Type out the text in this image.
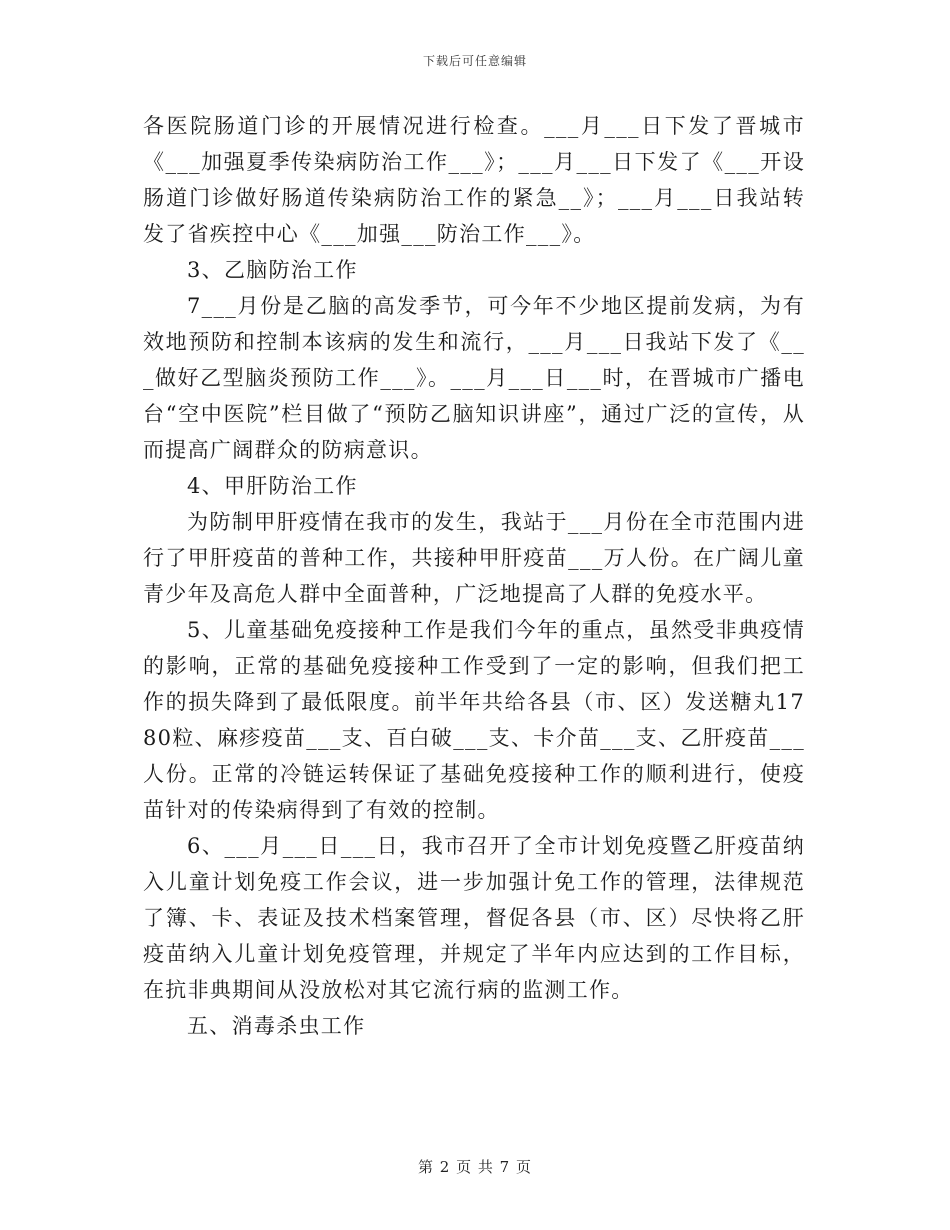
下载后可任意编辑

各医院肠道门诊的开展情况进行检查。___月___日下发了晋城市《___加强夏季传染病防治工作___》；___月___日下发了《___开设肠道门诊做好肠道传染病防治工作的紧急__》；___月___日我站转发了省疾控中心《___加强___防治工作___》。

3、乙脑防治工作

7___月份是乙脑的高发季节，可今年不少地区提前发病，为有效地预防和控制本该病的发生和流行，___月___日我站下发了《___做好乙型脑炎预防工作___》。___月___日___时，在晋城市广播电台“空中医院”栏目做了“预防乙脑知识讲座”，通过广泛的宣传，从而提高广阔群众的防病意识。

4、甲肝防治工作

为防制甲肝疫情在我市的发生，我站于___月份在全市范围内进行了甲肝疫苗的普种工作，共接种甲肝疫苗___万人份。在广阔儿童青少年及高危人群中全面普种，广泛地提高了人群的免疫水平。

5、儿童基础免疫接种工作是我们今年的重点，虽然受非典疫情的影响，正常的基础免疫接种工作受到了一定的影响，但我们把工作的损失降到了最低限度。前半年共给各县（市、区）发送糖丸1780粒、麻疹疫苗___支、百白破___支、卡介苗___支、乙肝疫苗___人份。正常的冷链运转保证了基础免疫接种工作的顺利进行，使疫苗针对的传染病得到了有效的控制。

6、___月___日___日，我市召开了全市计划免疫暨乙肝疫苗纳入儿童计划免疫工作会议，进一步加强计免工作的管理，法律规范了簿、卡、表证及技术档案管理，督促各县（市、区）尽快将乙肝疫苗纳入儿童计划免疫管理，并规定了半年内应达到的工作目标，在抗非典期间从没放松对其它流行病的监测工作。

五、消毒杀虫工作

第 2 页 共 7 页
